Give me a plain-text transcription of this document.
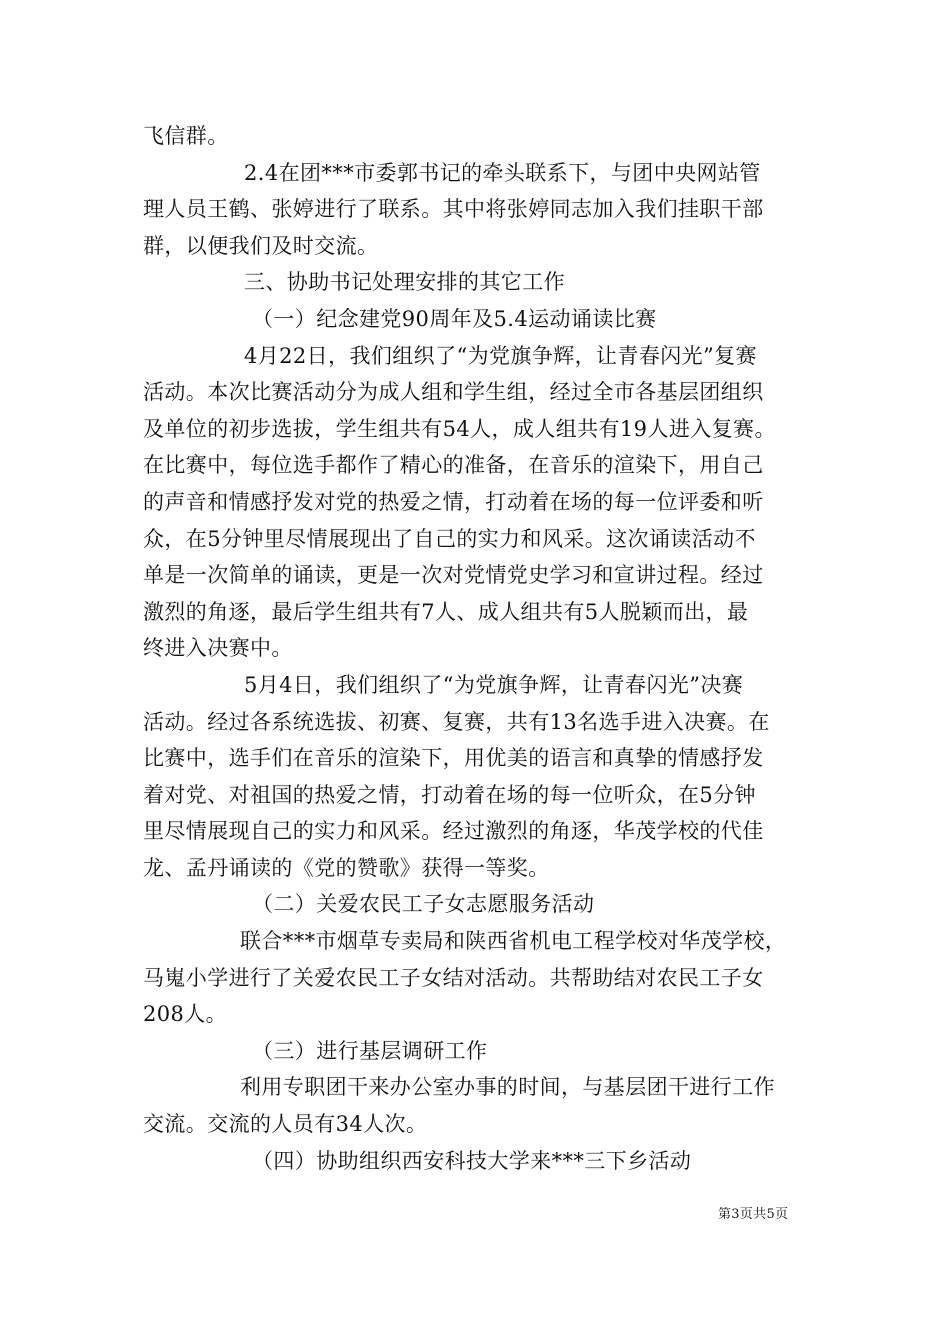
飞信群。
2.4在团***市委郭书记的牵头联系下，与团中央网站管
理人员王鹤、张婷进行了联系。其中将张婷同志加入我们挂职干部
群，以便我们及时交流。
三、协助书记处理安排的其它工作
（一）纪念建党90周年及5.4运动诵读比赛
4月22日，我们组织了“为党旗争辉，让青春闪光”复赛
活动。本次比赛活动分为成人组和学生组，经过全市各基层团组织
及单位的初步选拔，学生组共有54人，成人组共有19人进入复赛。
在比赛中，每位选手都作了精心的准备，在音乐的渲染下，用自己
的声音和情感抒发对党的热爱之情，打动着在场的每一位评委和听
众，在5分钟里尽情展现出了自己的实力和风采。这次诵读活动不
单是一次简单的诵读，更是一次对党情党史学习和宣讲过程。经过
激烈的角逐，最后学生组共有7人、成人组共有5人脱颖而出，最
终进入决赛中。
5月4日，我们组织了“为党旗争辉，让青春闪光”决赛
活动。经过各系统选拔、初赛、复赛，共有13名选手进入决赛。在
比赛中，选手们在音乐的渲染下，用优美的语言和真挚的情感抒发
着对党、对祖国的热爱之情，打动着在场的每一位听众，在5分钟
里尽情展现自己的实力和风采。经过激烈的角逐，华茂学校的代佳
龙、孟丹诵读的《党的赞歌》获得一等奖。
（二）关爱农民工子女志愿服务活动
联合***市烟草专卖局和陕西省机电工程学校对华茂学校，
马嵬小学进行了关爱农民工子女结对活动。共帮助结对农民工子女
208人。
（三）进行基层调研工作
利用专职团干来办公室办事的时间，与基层团干进行工作
交流。交流的人员有34人次。
（四）协助组织西安科技大学来***三下乡活动
第3页共5页
